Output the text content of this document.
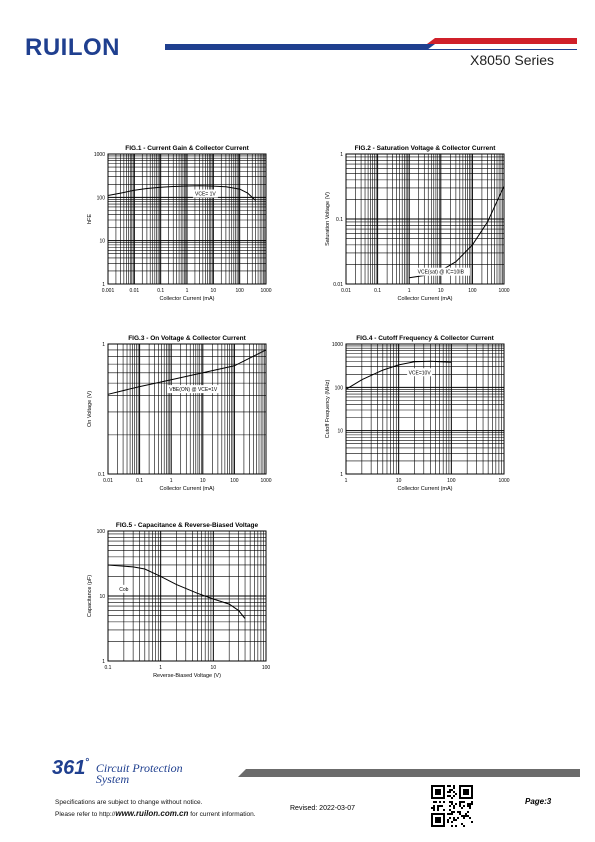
RUILON	X8050 Series
FIG.1 - Current Gain & Collector Current
0.001	0.01	0.1	1	10	100	1000
1
10
100
1000
Collector Current (mA)
hFE
VCE= 1V
FIG.2 - Saturation Voltage & Collector Current
0.01	0.1	1	10	100	1000
0.01
0.1
1
Collector Current (mA)
Saturation Voltage (V)
VCE(sat) @ IC=10IB
FIG.3 - On Voltage & Collector Current
0.01	0.1	1	10	100	1000
0.1
1
Collector Current (mA)
On Voltage (V)
VBE(ON) @ VCE=1V
FIG.4 - Cutoff Frequency & Collector Current
1	10	100	1000
1
10
100
1000
Collector Current (mA)
Cutoff Frequency (MHz)
VCE=10V
FIG.5 - Capacitance & Reverse-Biased Voltage
0.1	1	10	100
1
10
100
Reverse-Biased Voltage (V)
Capacitance (pF)	Cob
361° Circuit Protection
System
Specifications are subject to change without notice.
Please refer to http://www.ruilon.com.cn for current information.
Revised: 2022-03-07
Page:3
